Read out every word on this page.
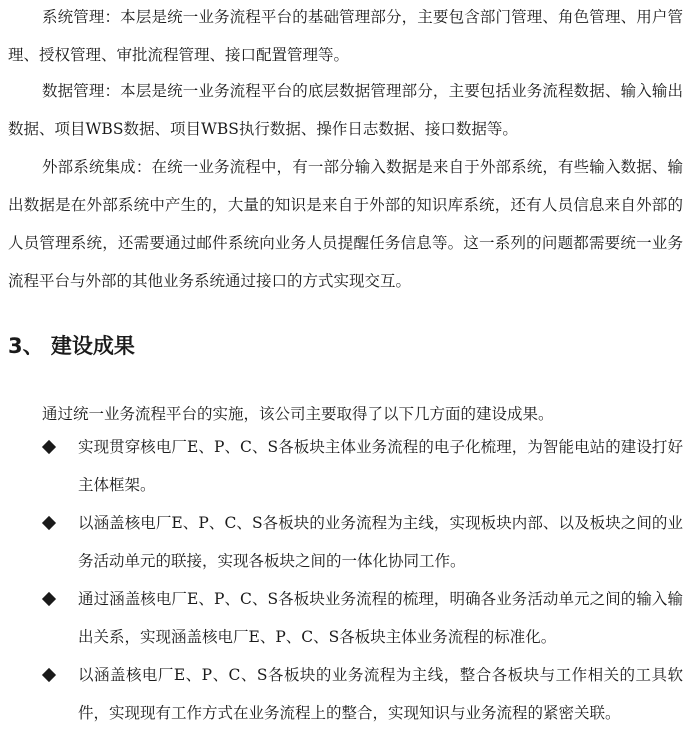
系统管理：本层是统一业务流程平台的基础管理部分，主要包含部门管理、角色管理、用户管理、授权管理、审批流程管理、接口配置管理等。

数据管理：本层是统一业务流程平台的底层数据管理部分，主要包括业务流程数据、输入输出数据、项目WBS数据、项目WBS执行数据、操作日志数据、接口数据等。

外部系统集成：在统一业务流程中，有一部分输入数据是来自于外部系统，有些输入数据、输出数据是在外部系统中产生的，大量的知识是来自于外部的知识库系统，还有人员信息来自外部的人员管理系统，还需要通过邮件系统向业务人员提醒任务信息等。这一系列的问题都需要统一业务流程平台与外部的其他业务系统通过接口的方式实现交互。

3、 建设成果

通过统一业务流程平台的实施，该公司主要取得了以下几方面的建设成果。

实现贯穿核电厂E、P、C、S各板块主体业务流程的电子化梳理，为智能电站的建设打好主体框架。

以涵盖核电厂E、P、C、S各板块的业务流程为主线，实现板块内部、以及板块之间的业务活动单元的联接，实现各板块之间的一体化协同工作。

通过涵盖核电厂E、P、C、S各板块业务流程的梳理，明确各业务活动单元之间的输入输出关系，实现涵盖核电厂E、P、C、S各板块主体业务流程的标准化。

以涵盖核电厂E、P、C、S各板块的业务流程为主线，整合各板块与工作相关的工具软件，实现现有工作方式在业务流程上的整合，实现知识与业务流程的紧密关联。
